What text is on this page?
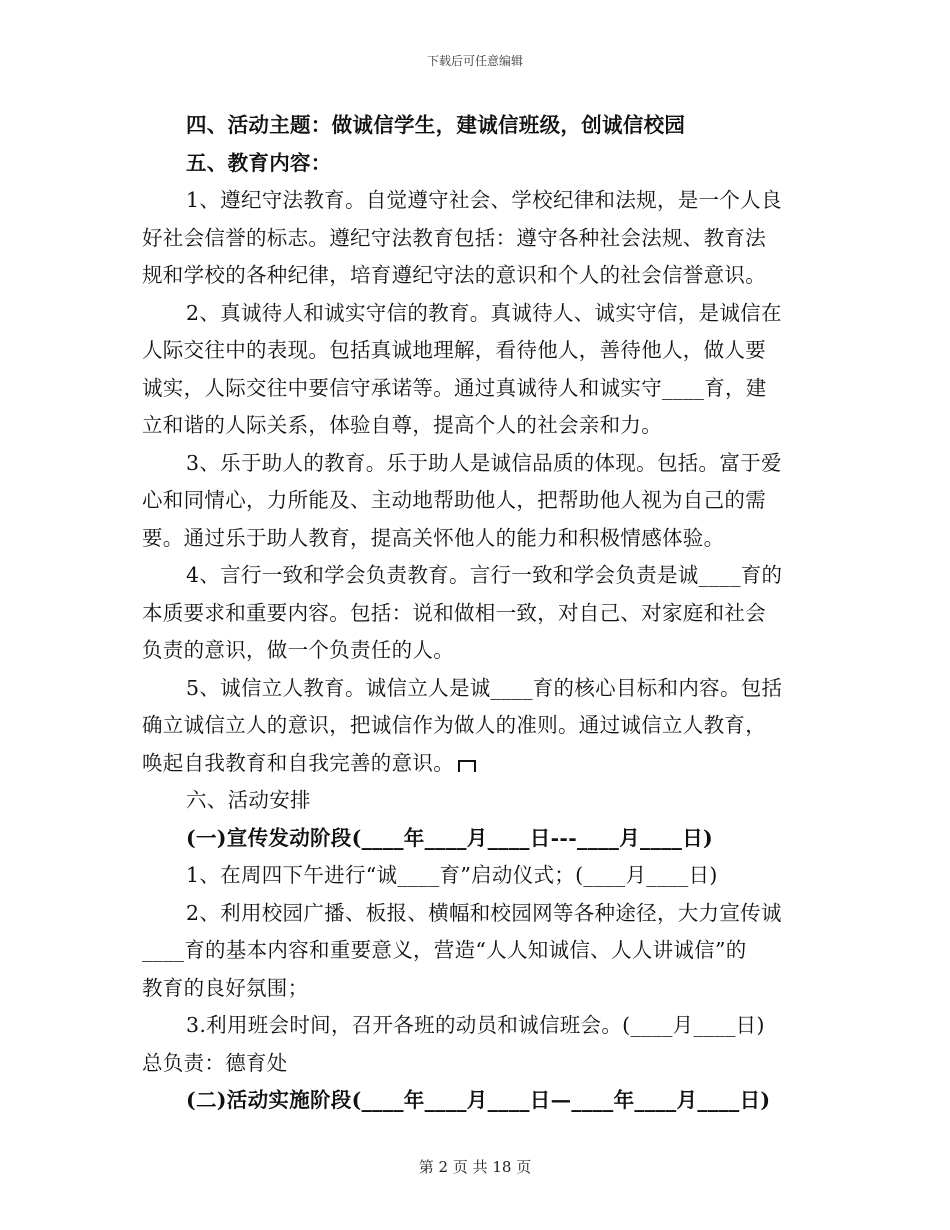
下载后可任意编辑
四、活动主题：做诚信学生，建诚信班级，创诚信校园
五、教育内容：
1、遵纪守法教育。自觉遵守社会、学校纪律和法规，是一个人良
好社会信誉的标志。遵纪守法教育包括：遵守各种社会法规、教育法
规和学校的各种纪律，培育遵纪守法的意识和个人的社会信誉意识。
2、真诚待人和诚实守信的教育。真诚待人、诚实守信，是诚信在
人际交往中的表现。包括真诚地理解，看待他人，善待他人，做人要
诚实，人际交往中要信守承诺等。通过真诚待人和诚实守____育，建
立和谐的人际关系，体验自尊，提高个人的社会亲和力。
3、乐于助人的教育。乐于助人是诚信品质的体现。包括。富于爱
心和同情心，力所能及、主动地帮助他人，把帮助他人视为自己的需
要。通过乐于助人教育，提高关怀他人的能力和积极情感体验。
4、言行一致和学会负责教育。言行一致和学会负责是诚____育的
本质要求和重要内容。包括：说和做相一致，对自己、对家庭和社会
负责的意识，做一个负责任的人。
5、诚信立人教育。诚信立人是诚____育的核心目标和内容。包括
确立诚信立人的意识，把诚信作为做人的准则。通过诚信立人教育，
唤起自我教育和自我完善的意识。
六、活动安排
(一)宣传发动阶段(____年____月____日---____月____日)
1、在周四下午进行“诚____育”启动仪式；(____月____日)
2、利用校园广播、板报、横幅和校园网等各种途径，大力宣传诚
____育的基本内容和重要意义，营造“人人知诚信、人人讲诚信”的
教育的良好氛围；
3.利用班会时间，召开各班的动员和诚信班会。(____月____日)
总负责：德育处
(二)活动实施阶段(____年____月____日—____年____月____日)
第 2 页 共 18 页
